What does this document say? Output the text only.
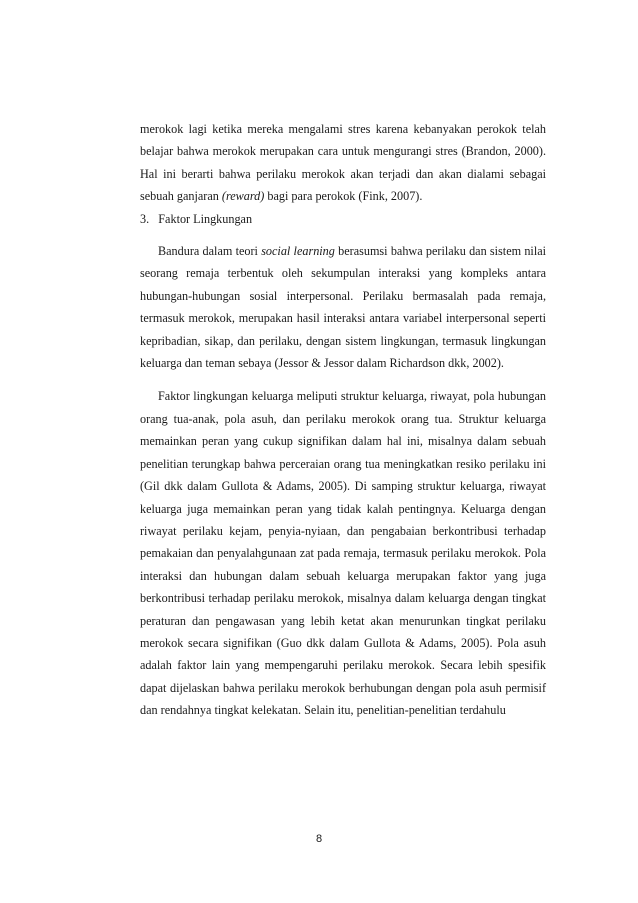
merokok lagi ketika mereka mengalami stres karena kebanyakan perokok telah belajar bahwa merokok merupakan cara untuk mengurangi stres (Brandon, 2000). Hal ini berarti bahwa perilaku merokok akan terjadi dan akan dialami sebagai sebuah ganjaran (reward) bagi para perokok (Fink, 2007).

3.   Faktor Lingkungan

Bandura dalam teori social learning berasumsi bahwa perilaku dan sistem nilai seorang remaja terbentuk oleh sekumpulan interaksi yang kompleks antara hubungan-hubungan sosial interpersonal. Perilaku bermasalah pada remaja, termasuk merokok, merupakan hasil interaksi antara variabel interpersonal seperti kepribadian, sikap, dan perilaku, dengan sistem lingkungan, termasuk lingkungan keluarga dan teman sebaya (Jessor & Jessor dalam Richardson dkk, 2002).

Faktor lingkungan keluarga meliputi struktur keluarga, riwayat, pola hubungan orang tua-anak, pola asuh, dan perilaku merokok orang tua. Struktur keluarga memainkan peran yang cukup signifikan dalam hal ini, misalnya dalam sebuah penelitian terungkap bahwa perceraian orang tua meningkatkan resiko perilaku ini (Gil dkk dalam Gullota & Adams, 2005). Di samping struktur keluarga, riwayat keluarga juga memainkan peran yang tidak kalah pentingnya. Keluarga dengan riwayat perilaku kejam, penyia-nyiaan, dan pengabaian berkontribusi terhadap pemakaian dan penyalahgunaan zat pada remaja, termasuk perilaku merokok. Pola interaksi dan hubungan dalam sebuah keluarga merupakan faktor yang juga berkontribusi terhadap perilaku merokok, misalnya dalam keluarga dengan tingkat peraturan dan pengawasan yang lebih ketat akan menurunkan tingkat perilaku merokok secara signifikan (Guo dkk dalam Gullota & Adams, 2005). Pola asuh adalah faktor lain yang mempengaruhi perilaku merokok. Secara lebih spesifik dapat dijelaskan bahwa perilaku merokok berhubungan dengan pola asuh permisif dan rendahnya tingkat kelekatan. Selain itu, penelitian-penelitian terdahulu

8
